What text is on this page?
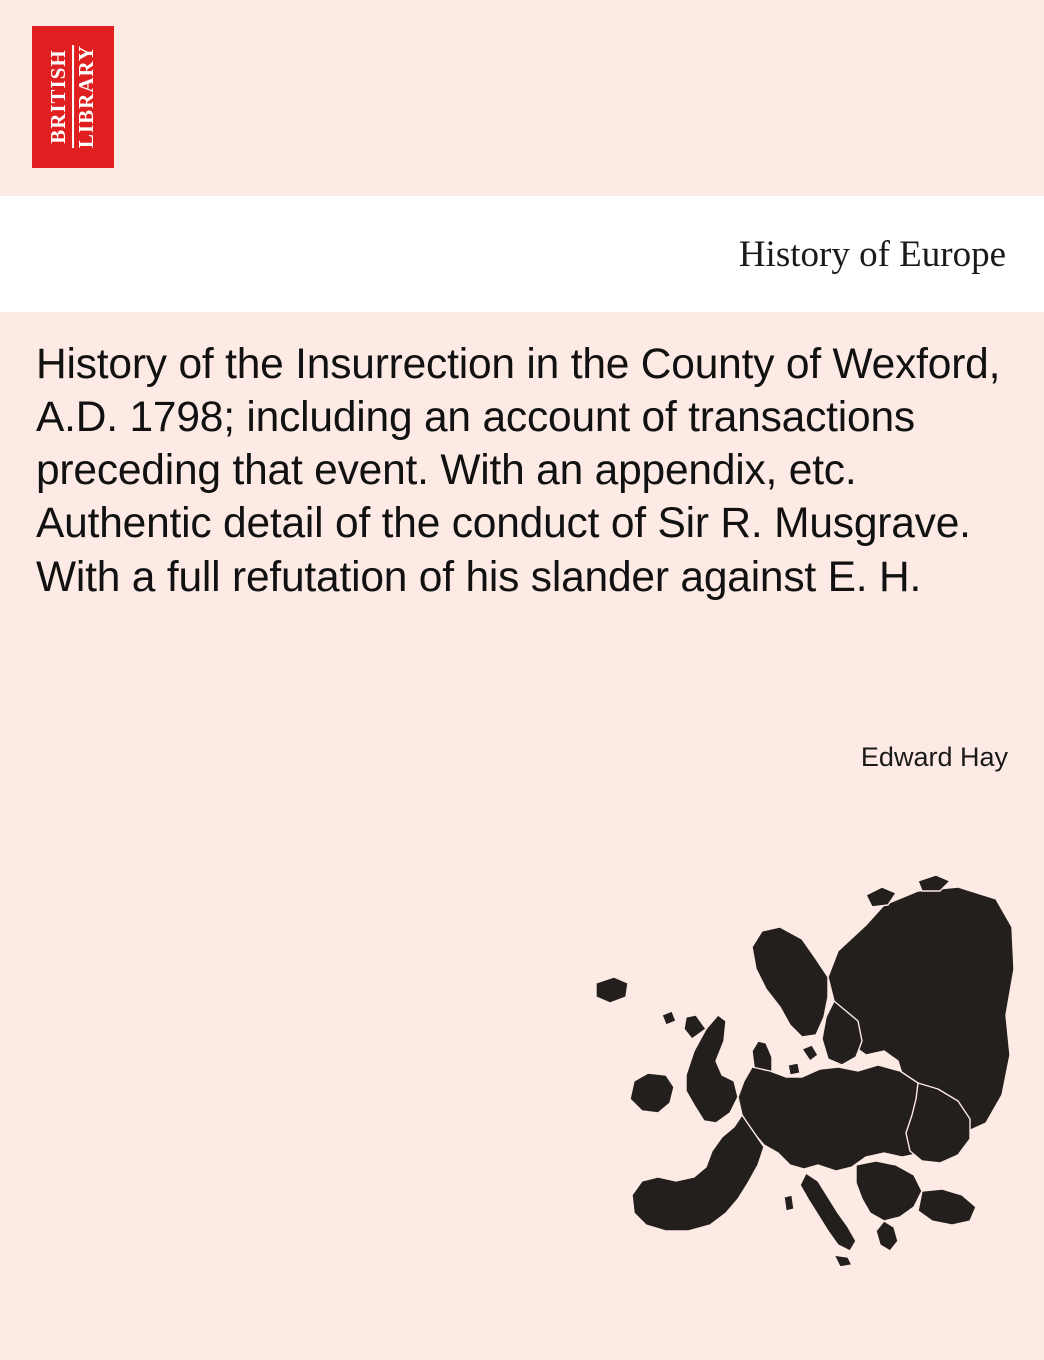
BRITISH LIBRARY
History of Europe
History of the Insurrection in the County of Wexford, A.D. 1798; including an account of transactions preceding that event. With an appendix, etc. Authentic detail of the conduct of Sir R. Musgrave. With a full refutation of his slander against E. H.
Edward Hay
